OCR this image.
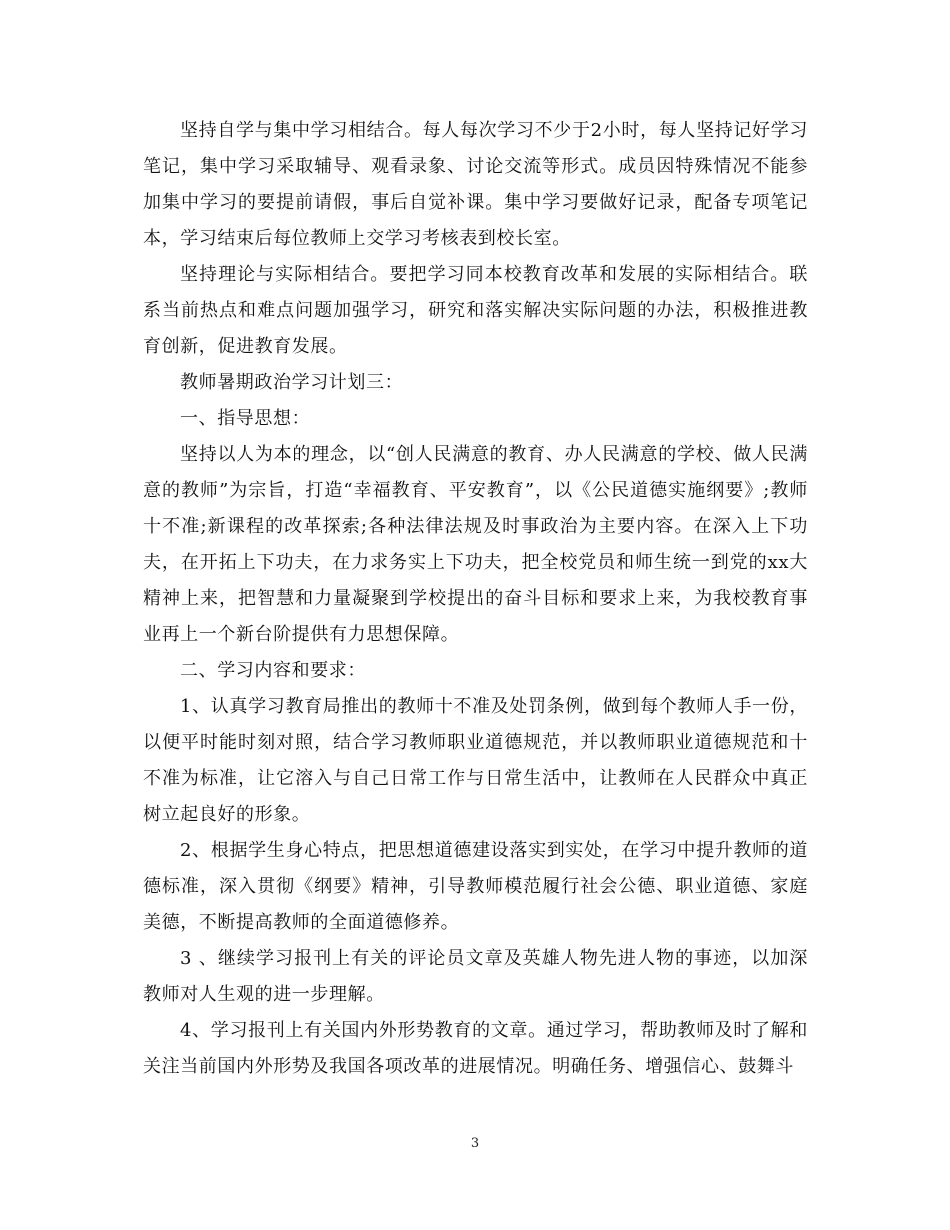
坚持自学与集中学习相结合。每人每次学习不少于2小时，每人坚持记好学习笔记，集中学习采取辅导、观看录象、讨论交流等形式。成员因特殊情况不能参加集中学习的要提前请假，事后自觉补课。集中学习要做好记录，配备专项笔记本，学习结束后每位教师上交学习考核表到校长室。

坚持理论与实际相结合。要把学习同本校教育改革和发展的实际相结合。联系当前热点和难点问题加强学习，研究和落实解决实际问题的办法，积极推进教育创新，促进教育发展。

教师暑期政治学习计划三：

一、指导思想：

坚持以人为本的理念，以“创人民满意的教育、办人民满意的学校、做人民满意的教师”为宗旨，打造“幸福教育、平安教育”，以《公民道德实施纲要》;教师十不准;新课程的改革探索;各种法律法规及时事政治为主要内容。在深入上下功夫，在开拓上下功夫，在力求务实上下功夫，把全校党员和师生统一到党的xx大精神上来，把智慧和力量凝聚到学校提出的奋斗目标和要求上来，为我校教育事业再上一个新台阶提供有力思想保障。

二、学习内容和要求：

1、认真学习教育局推出的教师十不准及处罚条例，做到每个教师人手一份，以便平时能时刻对照，结合学习教师职业道德规范，并以教师职业道德规范和十不准为标准，让它溶入与自己日常工作与日常生活中，让教师在人民群众中真正树立起良好的形象。

2、根据学生身心特点，把思想道德建设落实到实处，在学习中提升教师的道德标准，深入贯彻《纲要》精神，引导教师模范履行社会公德、职业道德、家庭美德，不断提高教师的全面道德修养。

3 、继续学习报刊上有关的评论员文章及英雄人物先进人物的事迹，以加深教师对人生观的进一步理解。

4、学习报刊上有关国内外形势教育的文章。通过学习，帮助教师及时了解和关注当前国内外形势及我国各项改革的进展情况。明确任务、增强信心、鼓舞斗

3
